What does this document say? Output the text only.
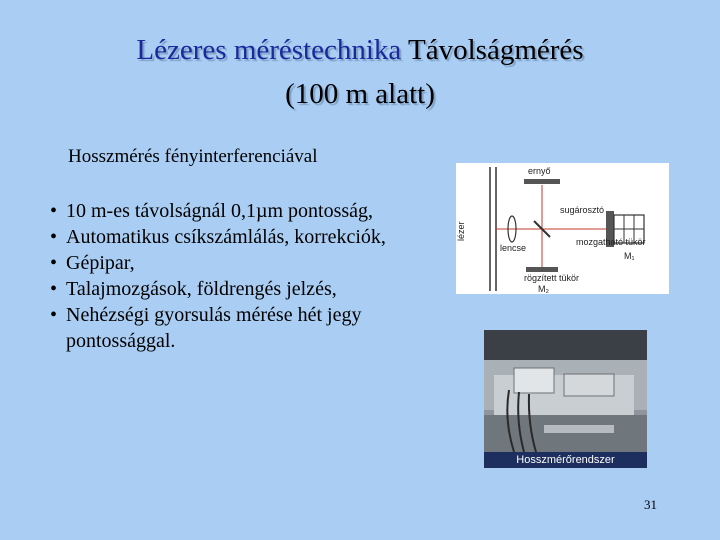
Lézeres méréstechnika Távolságmérés
(100 m alatt)
Hosszmérés fényinterferenciával
• 10 m-es távolságnál 0,1µm pontosság,
• Automatikus csíkszámlálás, korrekciók,
• Gépipar,
• Talajmozgások, földrengés jelzés,
• Nehézségi gyorsulás mérése hét jegy pontossággal.
ernyő
lézer
sugárosztó
lencse
mozgatható tükör
M₁
rögzített tükör
M₂
Hosszmérőrendszer
31
